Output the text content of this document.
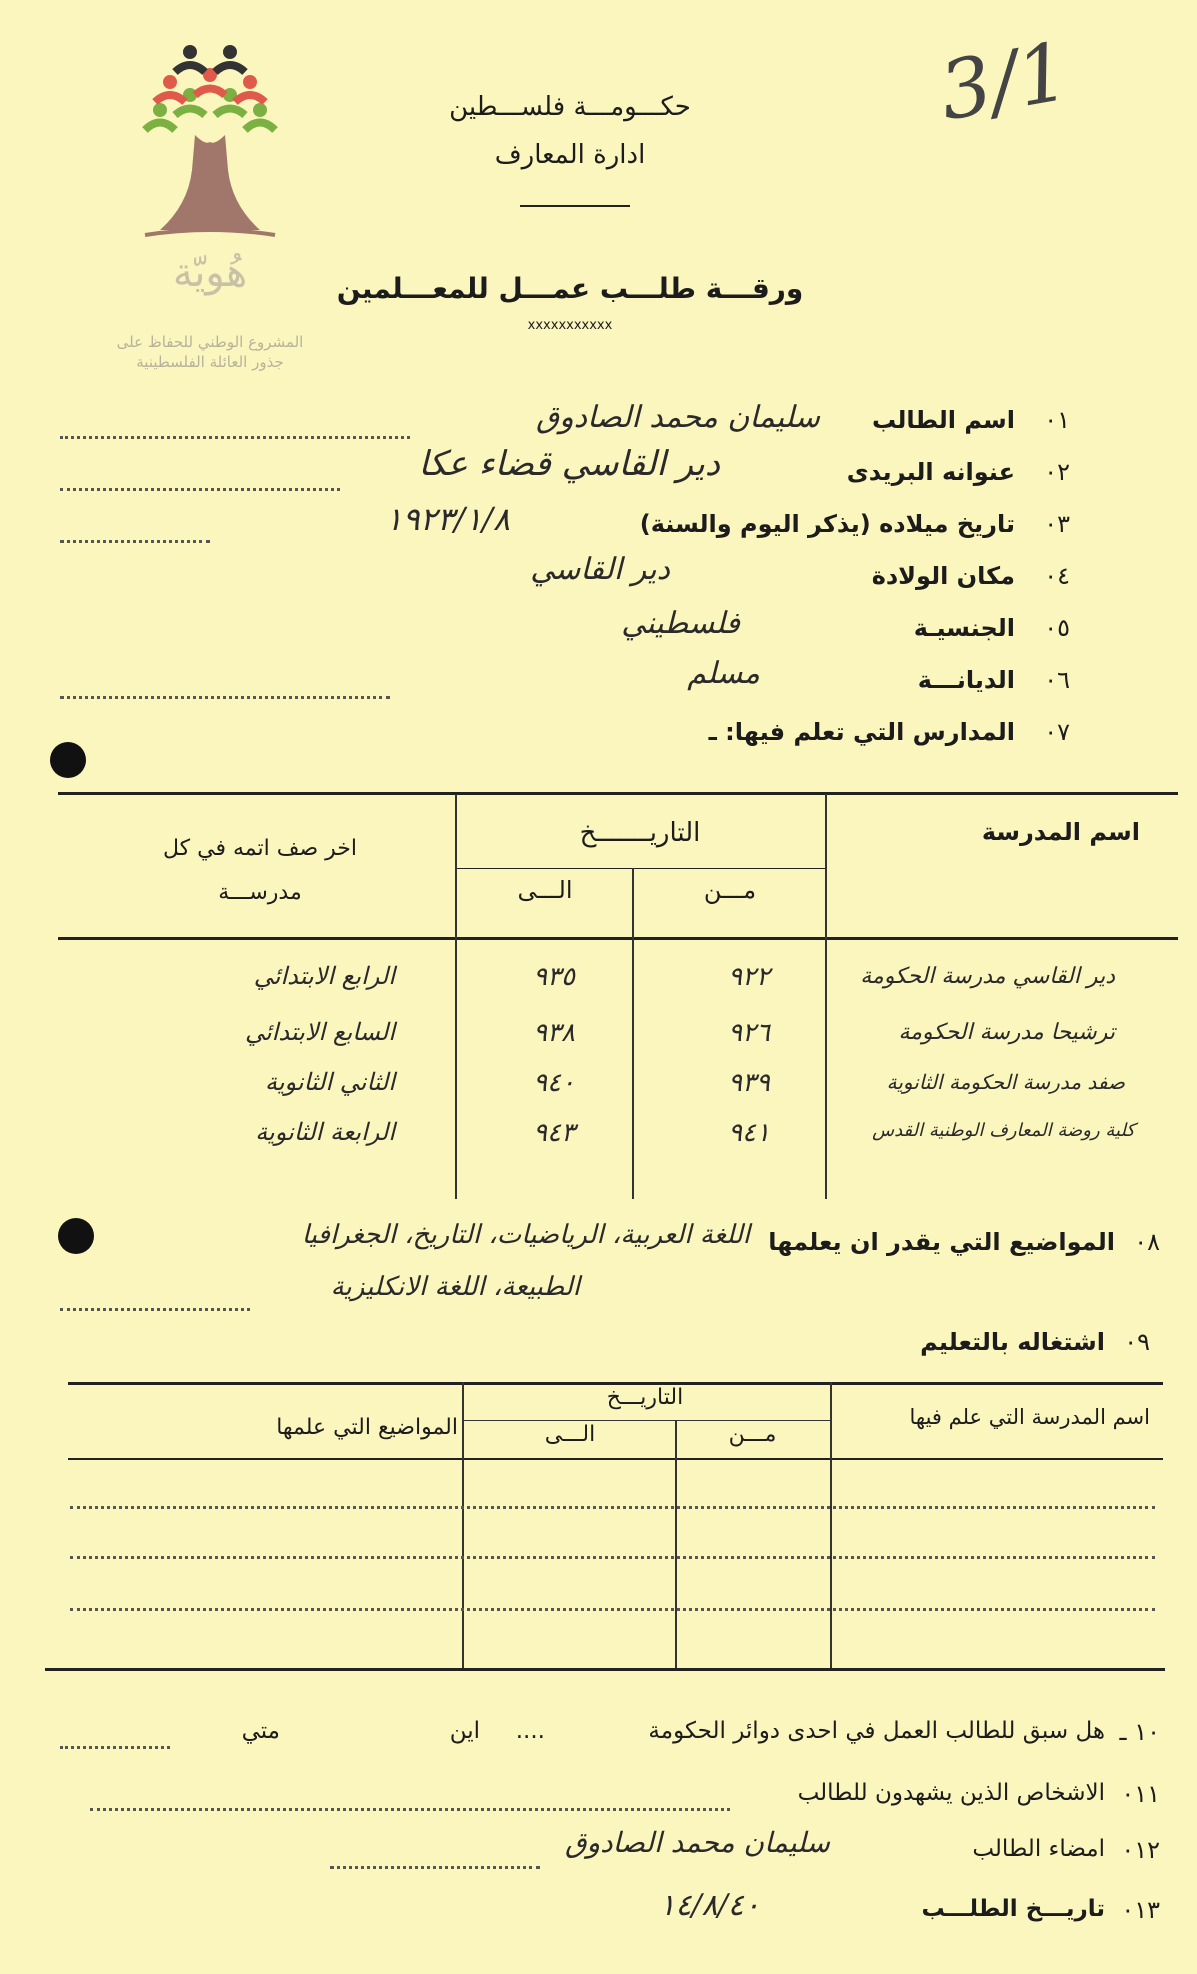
هُويّة
المشروع الوطني للحفاظ على
جذور العائلة الفلسطينية
3/1
حكـــومـــة فلســـطين
ادارة المعارف
ورقـــة طلـــب عمـــل للمعـــلمين
xxxxxxxxxxx
٠١
اسم الطالب
سليمان محمد الصادوق
٠٢
عنوانه البريدى
دير القاسي قضاء عكا
٠٣
تاريخ ميلاده (يذكر اليوم والسنة)
١٩٢٣/١/٨
٠٤
مكان الولادة
دير القاسي
٠٥
الجنسيـة
فلسطيني
٠٦
الديانـــة
مسلم
٠٧
المدارس التي تعلم فيها: ـ
اسم المدرسة
التاريـــــــخ
مـــن
الـــى
اخر صف اتمه في كل
مدرســـة
دير القاسي مدرسة الحكومة
٩٢٢
٩٣٥
الرابع الابتدائي
ترشيحا مدرسة الحكومة
٩٢٦
٩٣٨
السابع الابتدائي
صفد مدرسة الحكومة الثانوية
٩٣٩
٩٤٠
الثاني الثانوية
كلية روضة المعارف الوطنية القدس
٩٤١
٩٤٣
الرابعة الثانوية
٠٨
المواضيع التي يقدر ان يعلمها
اللغة العربية، الرياضيات، التاريخ، الجغرافيا
الطبيعة، اللغة الانكليزية
٠٩
اشتغاله بالتعليم
اسم المدرسة التي علم فيها
التاريـــخ
مـــن
الـــى
المواضيع التي علمها
١٠ ـ
هل سبق للطالب العمل في احدى دوائر الحكومة
....
اين
متي
٠١١
الاشخاص الذين يشهدون للطالب
٠١٢
امضاء الطالب
سليمان محمد الصادوق
٠١٣
تاريـــخ الطلـــب
١٤/٨/٤٠
